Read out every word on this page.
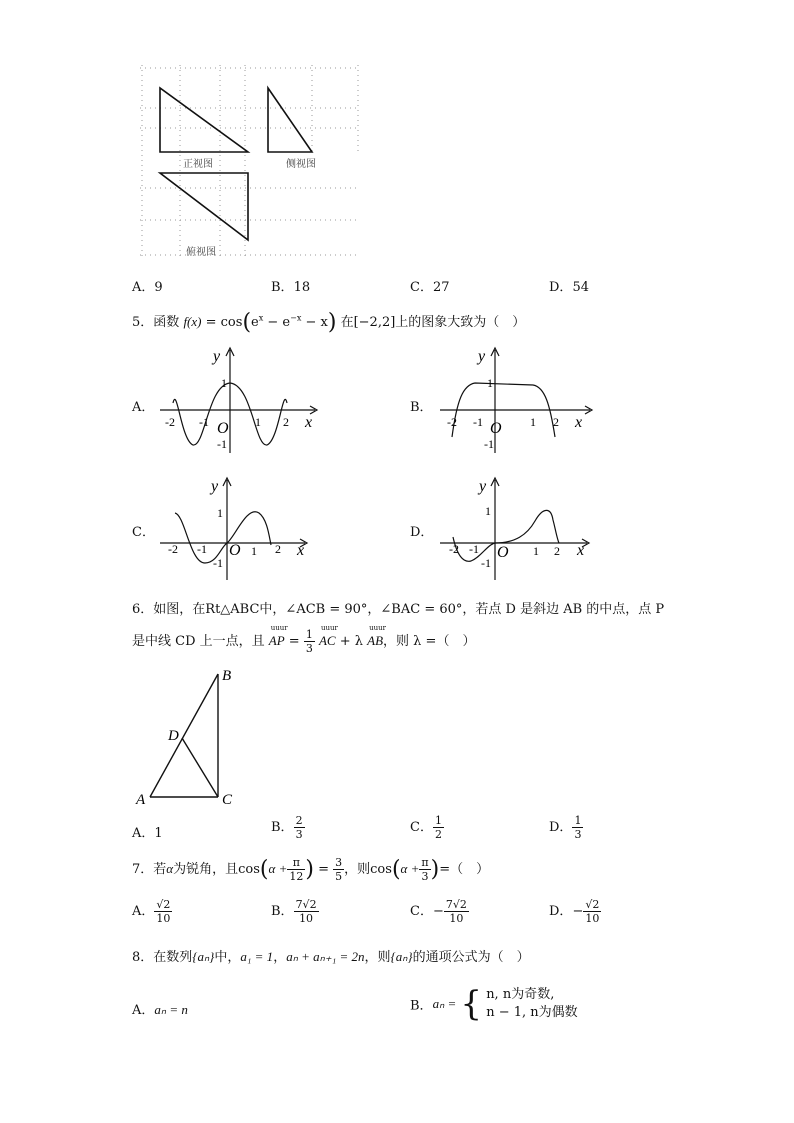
正视图	侧视图
俯视图
A．9	B．18	C．27	D．54
5．函数 $f(x) = \cos(e^x - e^{-x} - x)$ 在[−2,2]上的图象大致为（　）
A．
y
x
O
-2 -1	1 2
1
-1
B．
y
x
O
-2 -1	1 2
1
-1
C．
y
x
O
-2 -1	1 2
1
-1
D．
y
x
O
-2 -1	1 2
1
-1
6．如图，在Rt△ABC中，∠ACB = 90°，∠BAC = 60°，若点 D 是斜边 AB 的中点，点 P
是中线 CD 上一点，且
uuur
AP = $\frac{1}{3}$
uuur
AC + λ
uuur
AB，则 λ =（　）
B
D
A	C
A．1	B． $\frac{2}{3}$	C． $\frac{1}{2}$	D． $\frac{1}{3}$
7．若α为锐角，且$\cos(\alpha + \frac{\pi}{12}$ ) = $\frac{3}{5}$ ，则$\cos(\alpha + \frac{\pi}{3}$ )=（　）
A． $\frac{√2}{10}$	B． $\frac{7√2}{10}$	C．− $\frac{7√2}{10}$	D．− $\frac{√2}{10}$
8．在数列{aₙ}中，a₁ = 1，aₙ + aₙ₊₁ = 2n，则{aₙ}的通项公式为（　）
A．aₙ = n	B．aₙ = { n, n为奇数,
n − 1, n为偶数
